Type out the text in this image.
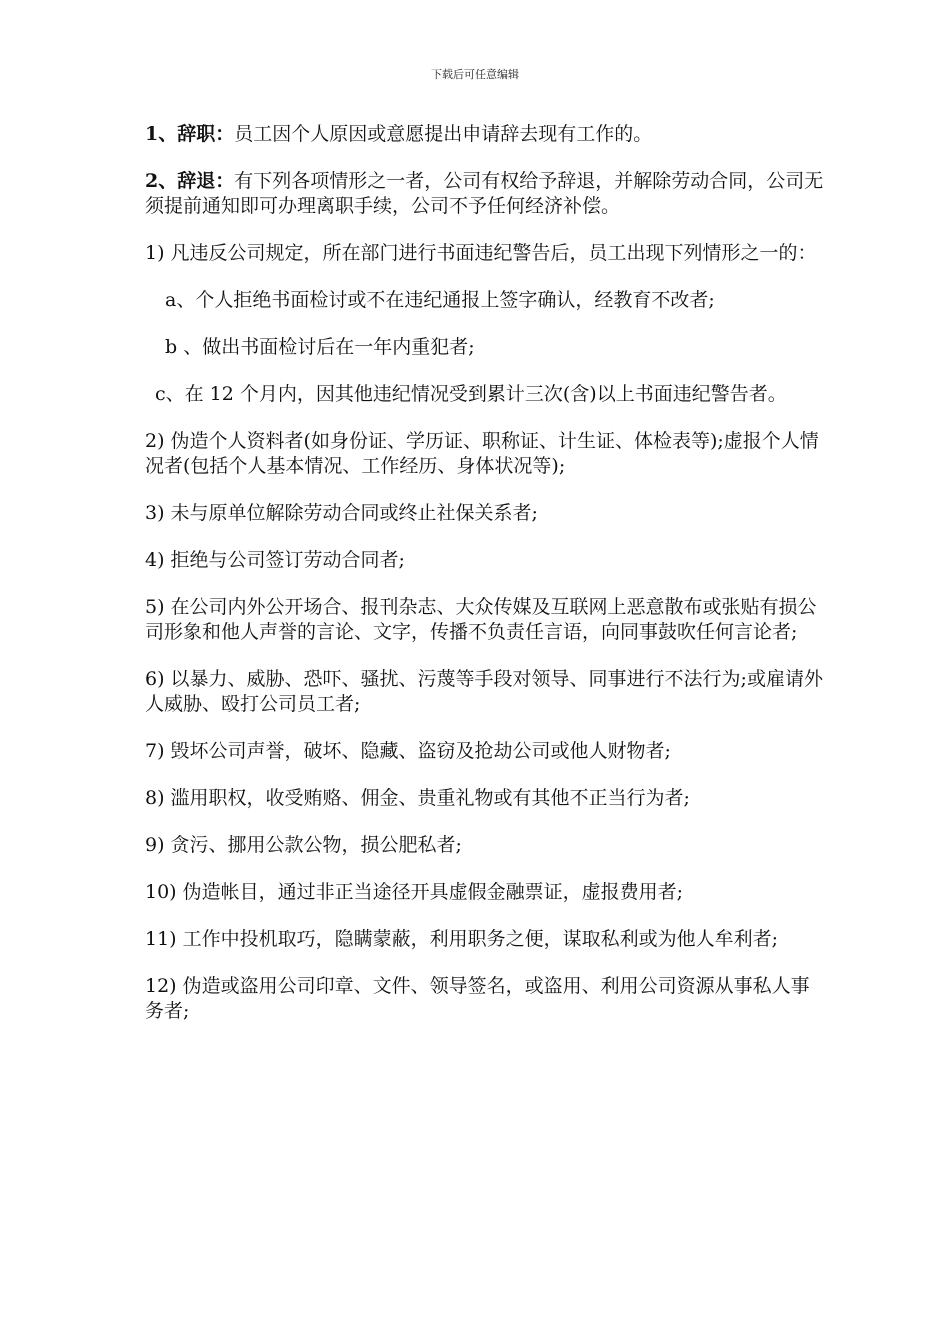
下载后可任意编辑

1、辞职：员工因个人原因或意愿提出申请辞去现有工作的。

2、辞退：有下列各项情形之一者，公司有权给予辞退，并解除劳动合同，公司无须提前通知即可办理离职手续，公司不予任何经济补偿。

1) 凡违反公司规定，所在部门进行书面违纪警告后，员工出现下列情形之一的：

a、个人拒绝书面检讨或不在违纪通报上签字确认，经教育不改者;

b 、做出书面检讨后在一年内重犯者;

c、在 12 个月内，因其他违纪情况受到累计三次(含)以上书面违纪警告者。

2) 伪造个人资料者(如身份证、学历证、职称证、计生证、体检表等);虚报个人情况者(包括个人基本情况、工作经历、身体状况等);

3) 未与原单位解除劳动合同或终止社保关系者;

4) 拒绝与公司签订劳动合同者;

5) 在公司内外公开场合、报刊杂志、大众传媒及互联网上恶意散布或张贴有损公司形象和他人声誉的言论、文字，传播不负责任言语，向同事鼓吹任何言论者;

6) 以暴力、威胁、恐吓、骚扰、污蔑等手段对领导、同事进行不法行为;或雇请外人威胁、殴打公司员工者;

7) 毁坏公司声誉，破坏、隐藏、盗窃及抢劫公司或他人财物者;

8) 滥用职权，收受贿赂、佣金、贵重礼物或有其他不正当行为者;

9) 贪污、挪用公款公物，损公肥私者;

10) 伪造帐目，通过非正当途径开具虚假金融票证，虚报费用者;

11) 工作中投机取巧，隐瞒蒙蔽，利用职务之便，谋取私利或为他人牟利者;

12) 伪造或盗用公司印章、文件、领导签名，或盗用、利用公司资源从事私人事务者;
